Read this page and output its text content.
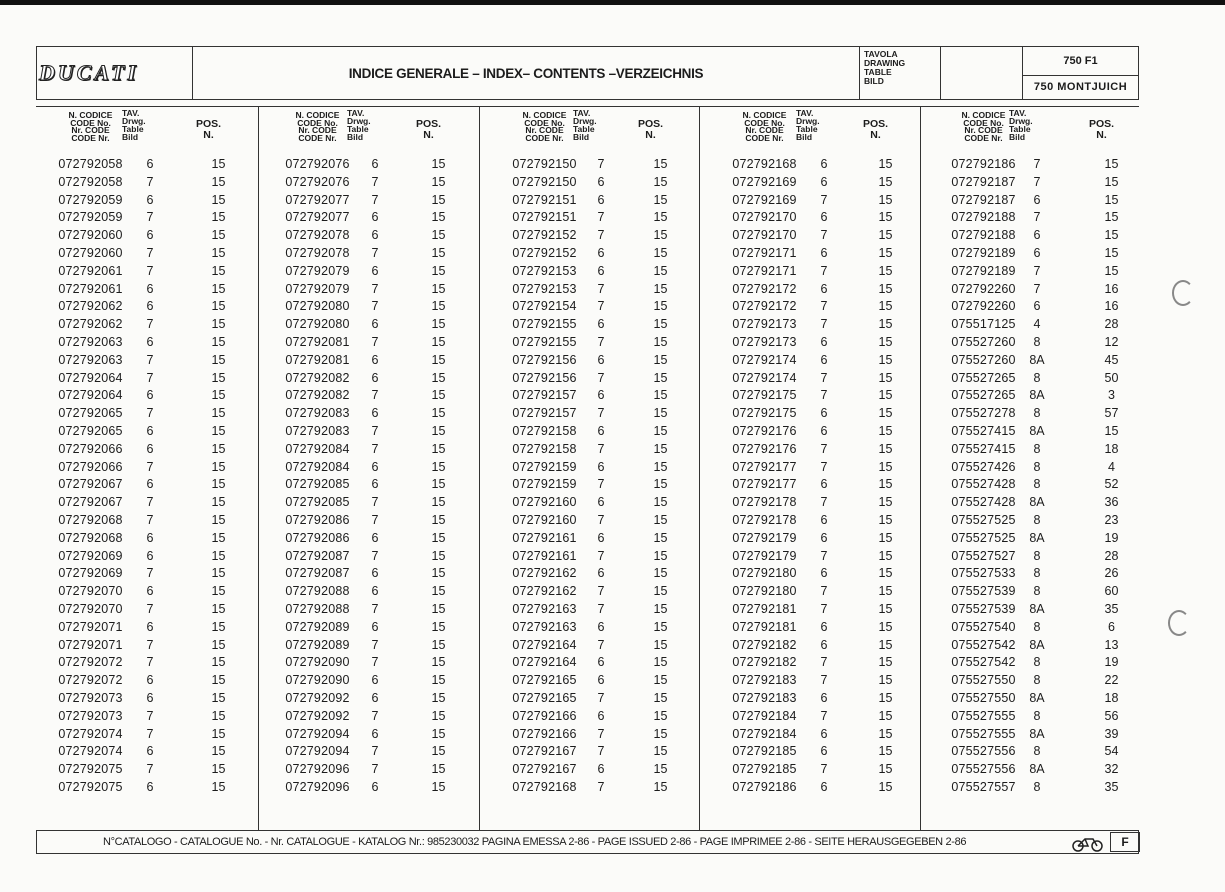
DUCATI	INDICE GENERALE – INDEX– CONTENTS –VERZEICHNIS
TAVOLA
DRAWING
TABLE
BILD
750 F1
750 MONTJUICH
N. CODICE
CODE No.
Nr. CODE
CODE Nr.
TAV.
Drwg.
Table
Bild
POS.
N.
072792058	6	15
072792058	7	15
072792059	6	15
072792059	7	15
072792060	6	15
072792060	7	15
072792061	7	15
072792061	6	15
072792062	6	15
072792062	7	15
072792063	6	15
072792063	7	15
072792064	7	15
072792064	6	15
072792065	7	15
072792065	6	15
072792066	6	15
072792066	7	15
072792067	6	15
072792067	7	15
072792068	7	15
072792068	6	15
072792069	6	15
072792069	7	15
072792070	6	15
072792070	7	15
072792071	6	15
072792071	7	15
072792072	7	15
072792072	6	15
072792073	6	15
072792073	7	15
072792074	7	15
072792074	6	15
072792075	7	15
072792075	6	15
N. CODICE
CODE No.
Nr. CODE
CODE Nr.
TAV.
Drwg.
Table
Bild
POS.
N.
072792076	6	15
072792076	7	15
072792077	7	15
072792077	6	15
072792078	6	15
072792078	7	15
072792079	6	15
072792079	7	15
072792080	7	15
072792080	6	15
072792081	7	15
072792081	6	15
072792082	6	15
072792082	7	15
072792083	6	15
072792083	7	15
072792084	7	15
072792084	6	15
072792085	6	15
072792085	7	15
072792086	7	15
072792086	6	15
072792087	7	15
072792087	6	15
072792088	6	15
072792088	7	15
072792089	6	15
072792089	7	15
072792090	7	15
072792090	6	15
072792092	6	15
072792092	7	15
072792094	6	15
072792094	7	15
072792096	7	15
072792096	6	15
N. CODICE
CODE No.
Nr. CODE
CODE Nr.
TAV.
Drwg.
Table
Bild
POS.
N.
072792150	7	15
072792150	6	15
072792151	6	15
072792151	7	15
072792152	7	15
072792152	6	15
072792153	6	15
072792153	7	15
072792154	7	15
072792155	6	15
072792155	7	15
072792156	6	15
072792156	7	15
072792157	6	15
072792157	7	15
072792158	6	15
072792158	7	15
072792159	6	15
072792159	7	15
072792160	6	15
072792160	7	15
072792161	6	15
072792161	7	15
072792162	6	15
072792162	7	15
072792163	7	15
072792163	6	15
072792164	7	15
072792164	6	15
072792165	6	15
072792165	7	15
072792166	6	15
072792166	7	15
072792167	7	15
072792167	6	15
072792168	7	15
N. CODICE
CODE No.
Nr. CODE
CODE Nr.
TAV.
Drwg.
Table
Bild
POS.
N.
072792168	6	15
072792169	6	15
072792169	7	15
072792170	6	15
072792170	7	15
072792171	6	15
072792171	7	15
072792172	6	15
072792172	7	15
072792173	7	15
072792173	6	15
072792174	6	15
072792174	7	15
072792175	7	15
072792175	6	15
072792176	6	15
072792176	7	15
072792177	7	15
072792177	6	15
072792178	7	15
072792178	6	15
072792179	6	15
072792179	7	15
072792180	6	15
072792180	7	15
072792181	7	15
072792181	6	15
072792182	6	15
072792182	7	15
072792183	7	15
072792183	6	15
072792184	7	15
072792184	6	15
072792185	6	15
072792185	7	15
072792186	6	15
N. CODICE
CODE No.
Nr. CODE
CODE Nr.
TAV.
Drwg.
Table
Bild
POS.
N.
072792186	7	15
072792187	7	15
072792187	6	15
072792188	7	15
072792188	6	15
072792189	6	15
072792189	7	15
072792260	7	16
072792260	6	16
075517125	4	28
075527260	8	12
075527260	8A	45
075527265	8	50
075527265	8A	3
075527278	8	57
075527415	8A	15
075527415	8	18
075527426	8	4
075527428	8	52
075527428	8A	36
075527525	8	23
075527525	8A	19
075527527	8	28
075527533	8	26
075527539	8	60
075527539	8A	35
075527540	8	6
075527542	8A	13
075527542	8	19
075527550	8	22
075527550	8A	18
075527555	8	56
075527555	8A	39
075527556	8	54
075527556	8A	32
075527557	8	35
N°CATALOGO - CATALOGUE No. - Nr. CATALOGUE - KATALOG Nr.: 985230032 PAGINA EMESSA 2-86 - PAGE ISSUED 2-86 - PAGE IMPRIMEE 2-86 - SEITE HERAUSGEGEBEN 2-86	F
